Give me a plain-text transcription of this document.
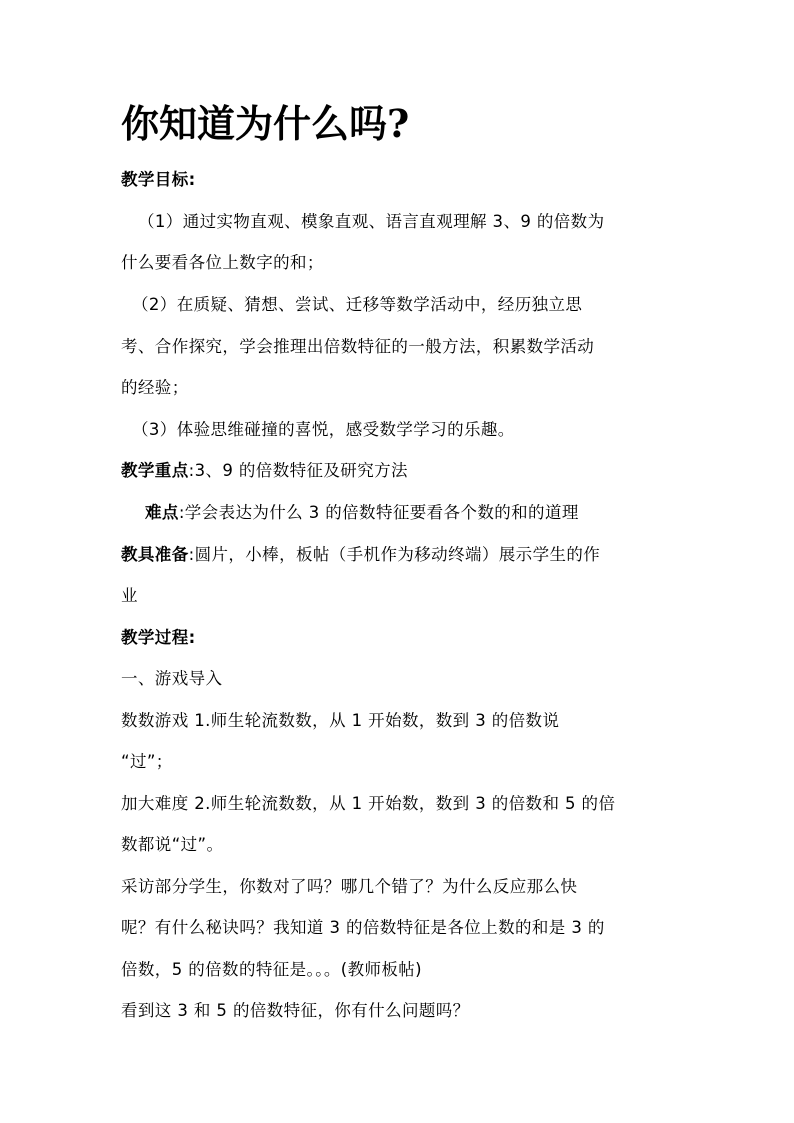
你知道为什么吗?
教学目标:
（1）通过实物直观、模象直观、语言直观理解 3、9 的倍数为
什么要看各位上数字的和；
（2）在质疑、猜想、尝试、迁移等数学活动中，经历独立思
考、合作探究，学会推理出倍数特征的一般方法，积累数学活动
的经验；
（3）体验思维碰撞的喜悦，感受数学学习的乐趣。
教学重点:3、9 的倍数特征及研究方法
难点:学会表达为什么 3 的倍数特征要看各个数的和的道理
教具准备:圆片，小棒，板帖（手机作为移动终端）展示学生的作
业
教学过程:
一、游戏导入
数数游戏 1.师生轮流数数，从 1 开始数，数到 3 的倍数说
“过”；
加大难度 2.师生轮流数数，从 1 开始数，数到 3 的倍数和 5 的倍
数都说“过”。
采访部分学生，你数对了吗？哪几个错了？为什么反应那么快
呢？有什么秘诀吗？我知道 3 的倍数特征是各位上数的和是 3 的
倍数，5 的倍数的特征是。。。(教师板帖)
看到这 3 和 5 的倍数特征，你有什么问题吗？
